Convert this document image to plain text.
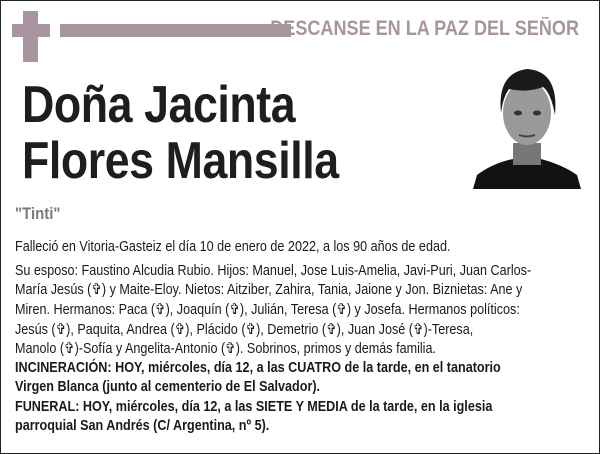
DESCANSE EN LA PAZ DEL SEÑOR
Doña Jacinta
Flores Mansilla
"Tinti"
Falleció en Vitoria-Gasteiz el día 10 de enero de 2022, a los 90 años de edad.
Su esposo: Faustino Alcudia Rubio. Hijos: Manuel, Jose Luis-Amelia, Javi-Puri, Juan Carlos-
María Jesús (✞) y Maite-Eloy. Nietos: Aitziber, Zahira, Tania, Jaione y Jon. Biznietas: Ane y
Miren. Hermanos: Paca (✞), Joaquín (✞), Julián, Teresa (✞) y Josefa. Hermanos políticos:
Jesús (✞), Paquita, Andrea (✞), Plácido (✞), Demetrio (✞), Juan José (✞)-Teresa,
Manolo (✞)-Sofía y Angelita-Antonio (✞). Sobrinos, primos y demás familia.
INCINERACIÓN: HOY, miércoles, día 12, a las CUATRO de la tarde, en el tanatorio
Virgen Blanca (junto al cementerio de El Salvador).
FUNERAL: HOY, miércoles, día 12, a las SIETE Y MEDIA de la tarde, en la iglesia
parroquial San Andrés (C/ Argentina, nº 5).
